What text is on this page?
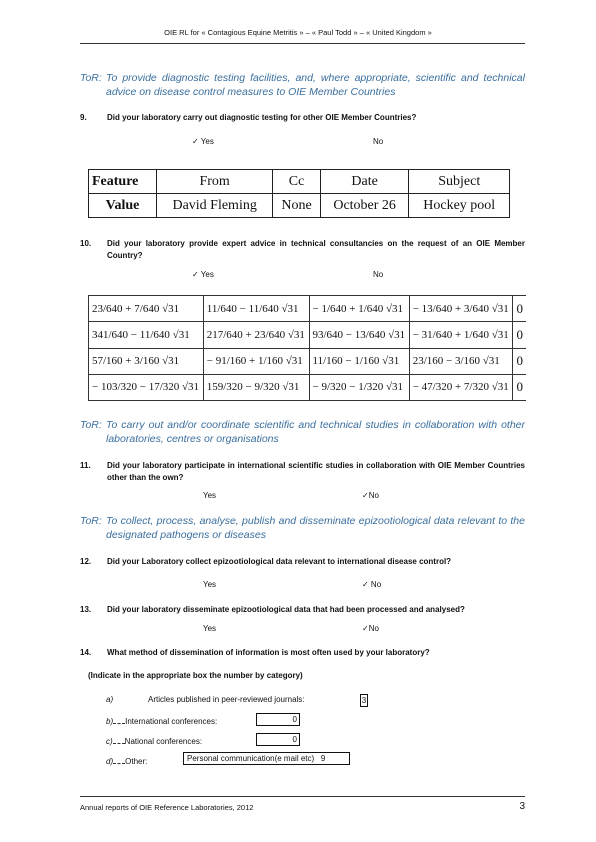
OIE RL for « Contagious Equine Metritis » – « Paul Todd » – « United Kingdom »
ToR: To provide diagnostic testing facilities, and, where appropriate, scientific and technical advice on disease control measures to OIE Member Countries
9.	Did your laboratory carry out diagnostic testing for other OIE Member Countries?
✓ Yes	No
Feature	From	Cc	Date	Subject
Value	David Fleming	None	October 26	Hockey pool
10. Did your laboratory provide expert advice in technical consultancies on the request of an OIE Member Country?
✓ Yes	No
23/640 + 7/640 √31	11/640 − 11/640 √31	− 1/640 + 1/640 √31	− 13/640 + 3/640 √31	0
341/640 − 11/640 √31	217/640 + 23/640 √31	93/640 − 13/640 √31	− 31/640 + 1/640 √31	0
57/160 + 3/160 √31	− 91/160 + 1/160 √31	11/160 − 1/160 √31	23/160 − 3/160 √31	0
− 103/320 − 17/320 √31	159/320 − 9/320 √31	− 9/320 − 1/320 √31	− 47/320 + 7/320 √31	0
ToR: To carry out and/or coordinate scientific and technical studies in collaboration with other laboratories, centres or organisations
11. Did your laboratory participate in international scientific studies in collaboration with OIE Member Countries other than the own?
Yes	✓No
ToR: To collect, process, analyse, publish and disseminate epizootiological data relevant to the designated pathogens or diseases
12. Did your Laboratory collect epizootiological data relevant to international disease control?
Yes	✓ No
13. Did your laboratory disseminate epizootiological data that had been processed and analysed?
Yes	✓No
14. What method of dissemination of information is most often used by your laboratory?
(Indicate in the appropriate box the number by category)
a)	Articles published in peer-reviewed journals:	3
b) International conferences:	0
c) National conferences:	0
d) Other:	Personal communication(e mail etc)   9
Annual reports of OIE Reference Laboratories, 2012	3
